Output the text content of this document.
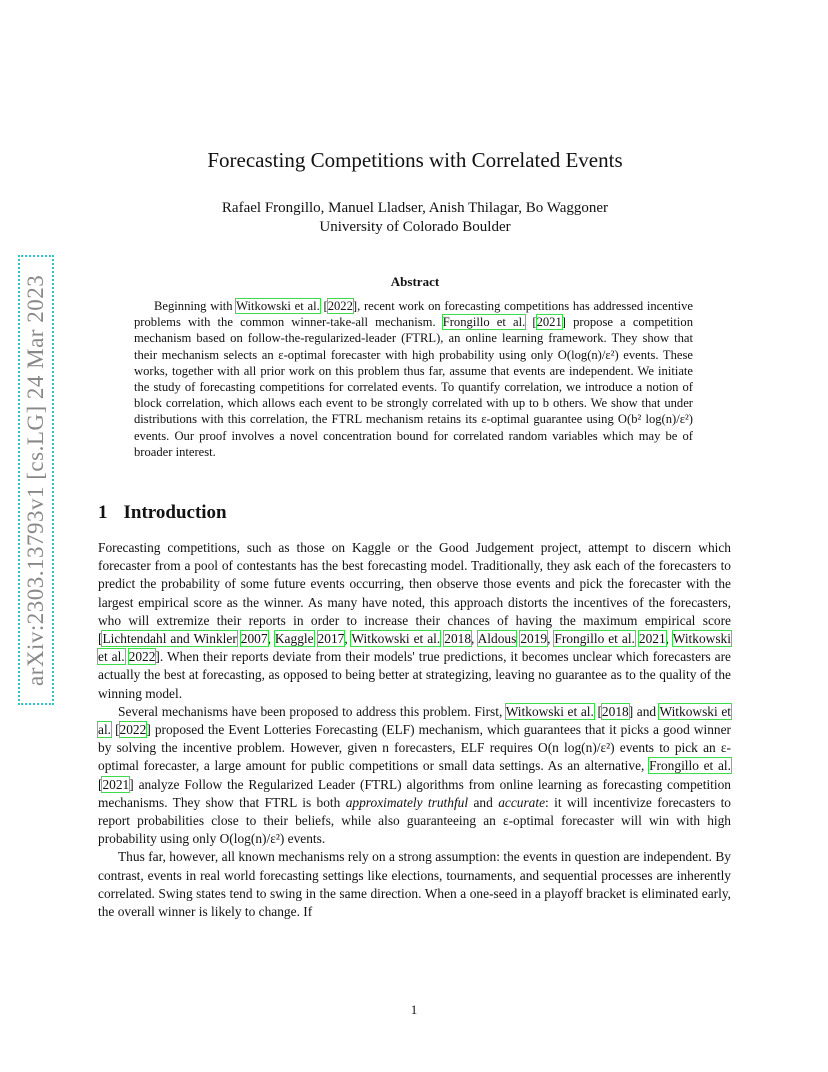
arXiv:2303.13793v1 [cs.LG] 24 Mar 2023
Forecasting Competitions with Correlated Events
Rafael Frongillo, Manuel Lladser, Anish Thilagar, Bo Waggoner
University of Colorado Boulder
Abstract
Beginning with Witkowski et al. [2022], recent work on forecasting competitions has addressed incentive problems with the common winner-take-all mechanism. Frongillo et al. [2021] propose a competition mechanism based on follow-the-regularized-leader (FTRL), an online learning framework. They show that their mechanism selects an ε-optimal forecaster with high probability using only O(log(n)/ε²) events. These works, together with all prior work on this problem thus far, assume that events are independent. We initiate the study of forecasting competitions for correlated events. To quantify correlation, we introduce a notion of block correlation, which allows each event to be strongly correlated with up to b others. We show that under distributions with this correlation, the FTRL mechanism retains its ε-optimal guarantee using O(b² log(n)/ε²) events. Our proof involves a novel concentration bound for correlated random variables which may be of broader interest.
1 Introduction

Forecasting competitions, such as those on Kaggle or the Good Judgement project, attempt to discern which forecaster from a pool of contestants has the best forecasting model. Traditionally, they ask each of the forecasters to predict the probability of some future events occurring, then observe those events and pick the forecaster with the largest empirical score as the winner. As many have noted, this approach distorts the incentives of the forecasters, who will extremize their reports in order to increase their chances of having the maximum empirical score [Lichtendahl and Winkler 2007, Kaggle 2017, Witkowski et al. 2018, Aldous 2019, Frongillo et al. 2021, Witkowski et al. 2022]. When their reports deviate from their models' true predictions, it becomes unclear which forecasters are actually the best at forecasting, as opposed to being better at strategizing, leaving no guarantee as to the quality of the winning model.

Several mechanisms have been proposed to address this problem. First, Witkowski et al. [2018] and Witkowski et al. [2022] proposed the Event Lotteries Forecasting (ELF) mechanism, which guarantees that it picks a good winner by solving the incentive problem. However, given n forecasters, ELF requires O(n log(n)/ε²) events to pick an ε-optimal forecaster, a large amount for public competitions or small data settings. As an alternative, Frongillo et al. [2021] analyze Follow the Regularized Leader (FTRL) algorithms from online learning as forecasting competition mechanisms. They show that FTRL is both approximately truthful and accurate: it will incentivize forecasters to report probabilities close to their beliefs, while also guaranteeing an ε-optimal forecaster will win with high probability using only O(log(n)/ε²) events.

Thus far, however, all known mechanisms rely on a strong assumption: the events in question are independent. By contrast, events in real world forecasting settings like elections, tournaments, and sequential processes are inherently correlated. Swing states tend to swing in the same direction. When a one-seed in a playoff bracket is eliminated early, the overall winner is likely to change. If

1
